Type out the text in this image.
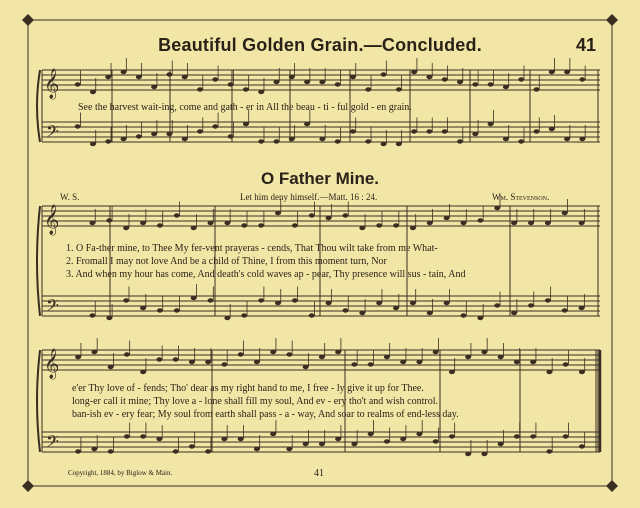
Beautiful Golden Grain.—Concluded.	41
𝄞
𝄢
𝄞
𝄢
𝄞
𝄢
See the harvest wait-ing, come and gath - er in All the beau - ti - ful gold - en grain.
O Father Mine.
W. S.	Let him deny himself.—Matt. 16 : 24.	Wm. Stevenson.
1. O Fa-ther mine, to Thee My fer-vent prayeras - cends, That Thou wilt take from me What-
2. Fromall I may not love And be a child of Thine, I from this moment turn, Nor
3. And when my hour has come, And death's cold waves ap - pear, Thy presence will sus - tain, And
e'er Thy love of - fends; Tho' dear as my right hand to me, I free - ly give it up for Thee.
long-er call it mine; Thy love a - lone shall fill my soul, And ev - ery tho't and wish control.
ban-ish ev - ery fear; My soul from earth shall pass - a - way, And soar to realms of end-less day.
Copyright, 1884, by Biglow & Main.	41
